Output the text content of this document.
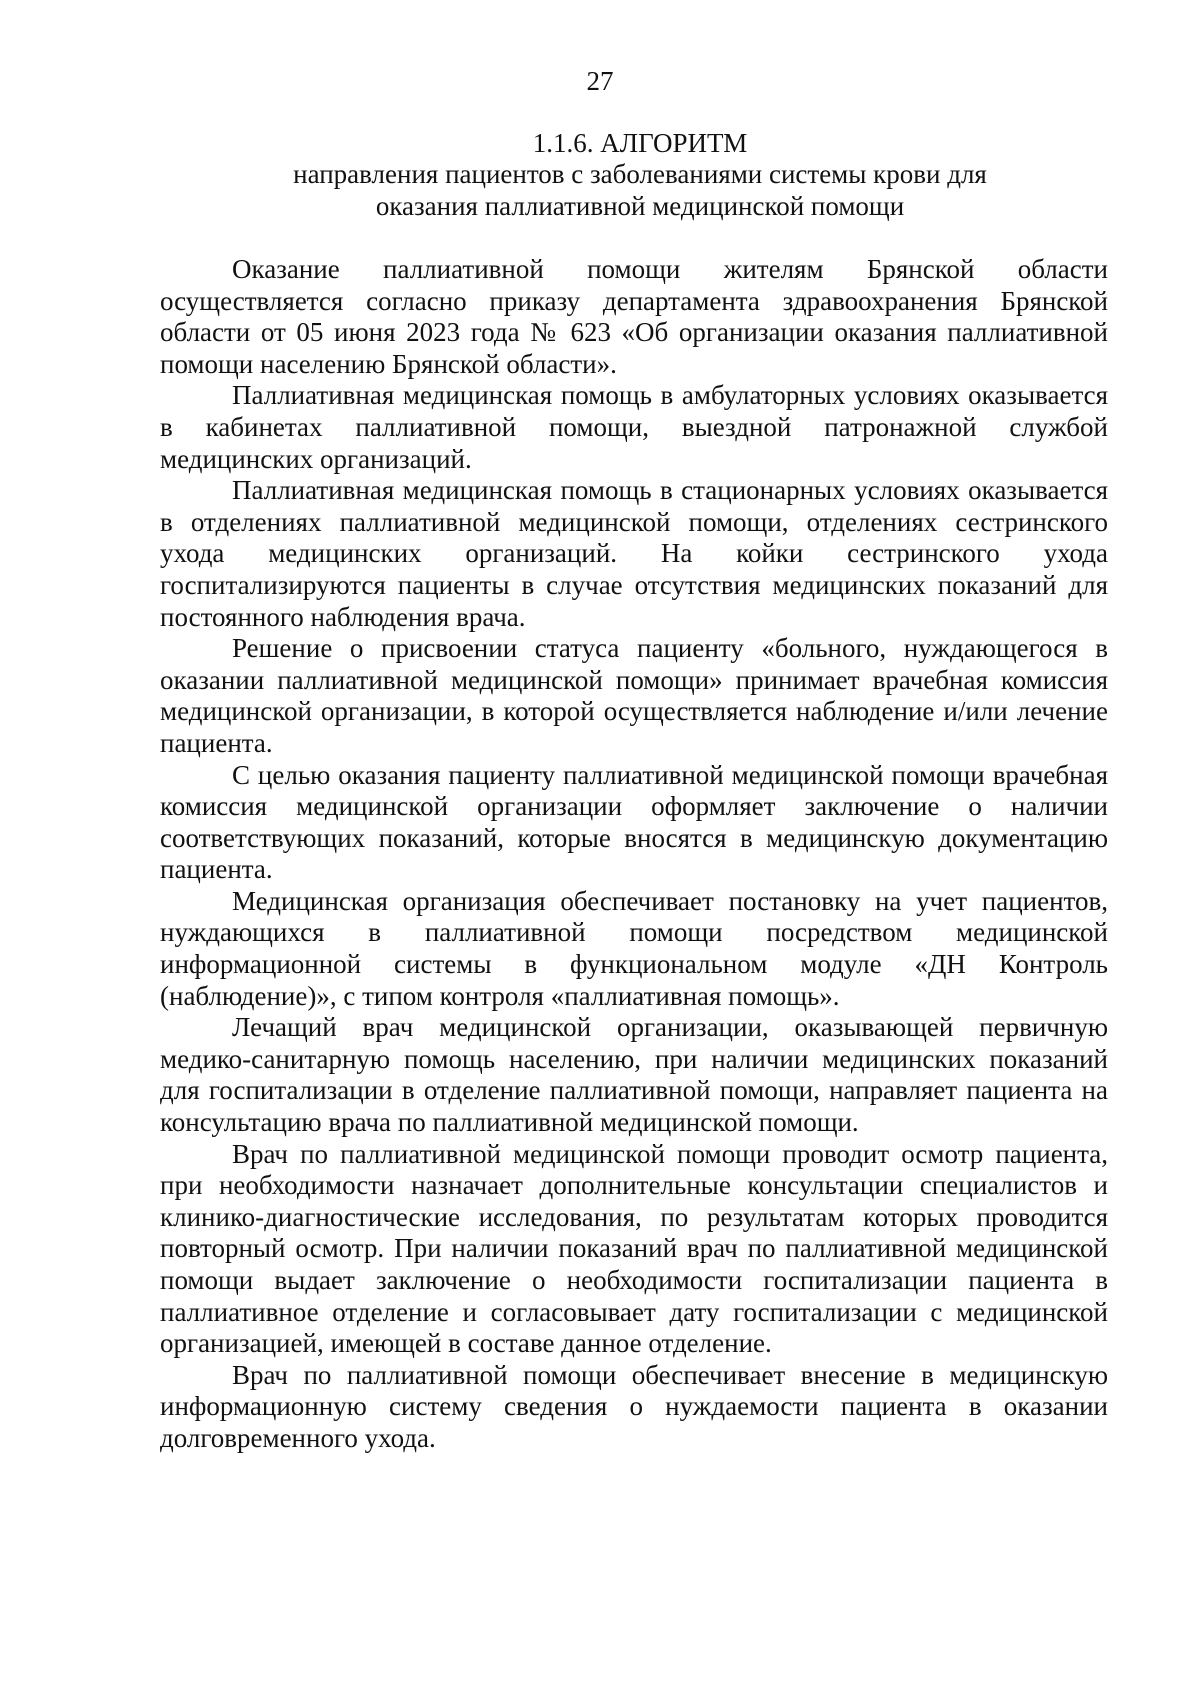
27
1.1.6. АЛГОРИТМ
направления пациентов с заболеваниями системы крови для оказания паллиативной медицинской помощи

Оказание паллиативной помощи жителям Брянской области осуществляется согласно приказу департамента здравоохранения Брянской области от 05 июня 2023 года № 623 «Об организации оказания паллиативной помощи населению Брянской области».

Паллиативная медицинская помощь в амбулаторных условиях оказывается в кабинетах паллиативной помощи, выездной патронажной службой медицинских организаций.

Паллиативная медицинская помощь в стационарных условиях оказывается в отделениях паллиативной медицинской помощи, отделениях сестринского ухода медицинских организаций. На койки сестринского ухода госпитализируются пациенты в случае отсутствия медицинских показаний для постоянного наблюдения врача.

Решение о присвоении статуса пациенту «больного, нуждающегося в оказании паллиативной медицинской помощи» принимает врачебная комиссия медицинской организации, в которой осуществляется наблюдение и/или лечение пациента.

С целью оказания пациенту паллиативной медицинской помощи врачебная комиссия медицинской организации оформляет заключение о наличии соответствующих показаний, которые вносятся в медицинскую документацию пациента.

Медицинская организация обеспечивает постановку на учет пациентов, нуждающихся в паллиативной помощи посредством медицинской информационной системы в функциональном модуле «ДН Контроль (наблюдение)», с типом контроля «паллиативная помощь».

Лечащий врач медицинской организации, оказывающей первичную медико-санитарную помощь населению, при наличии медицинских показаний для госпитализации в отделение паллиативной помощи, направляет пациента на консультацию врача по паллиативной медицинской помощи.

Врач по паллиативной медицинской помощи проводит осмотр пациента, при необходимости назначает дополнительные консультации специалистов и клинико-диагностические исследования, по результатам которых проводится повторный осмотр. При наличии показаний врач по паллиативной медицинской помощи выдает заключение о необходимости госпитализации пациента в паллиативное отделение и согласовывает дату госпитализации с медицинской организацией, имеющей в составе данное отделение.

Врач по паллиативной помощи обеспечивает внесение в медицинскую информационную систему сведения о нуждаемости пациента в оказании долговременного ухода.
